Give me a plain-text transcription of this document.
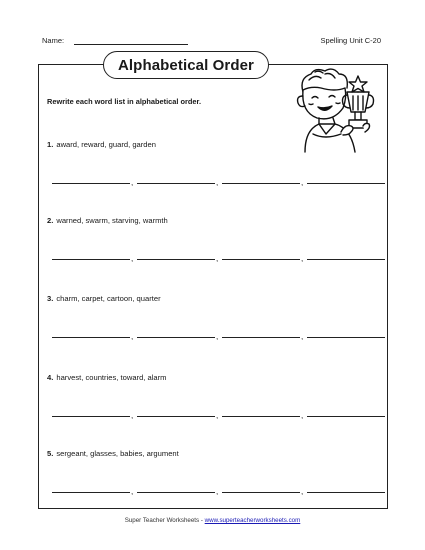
Name:	Spelling Unit C-20
Alphabetical Order
Rewrite each word list in alphabetical order.
1. award, reward, guard, garden
,	,	,
2. warned, swarm, starving, warmth
,	,	,
3. charm, carpet, cartoon, quarter
,	,	,
4. harvest, countries, toward, alarm
,	,	,
5. sergeant, glasses, babies, argument
,	,	,
Super Teacher Worksheets - www.superteacherworksheets.com
